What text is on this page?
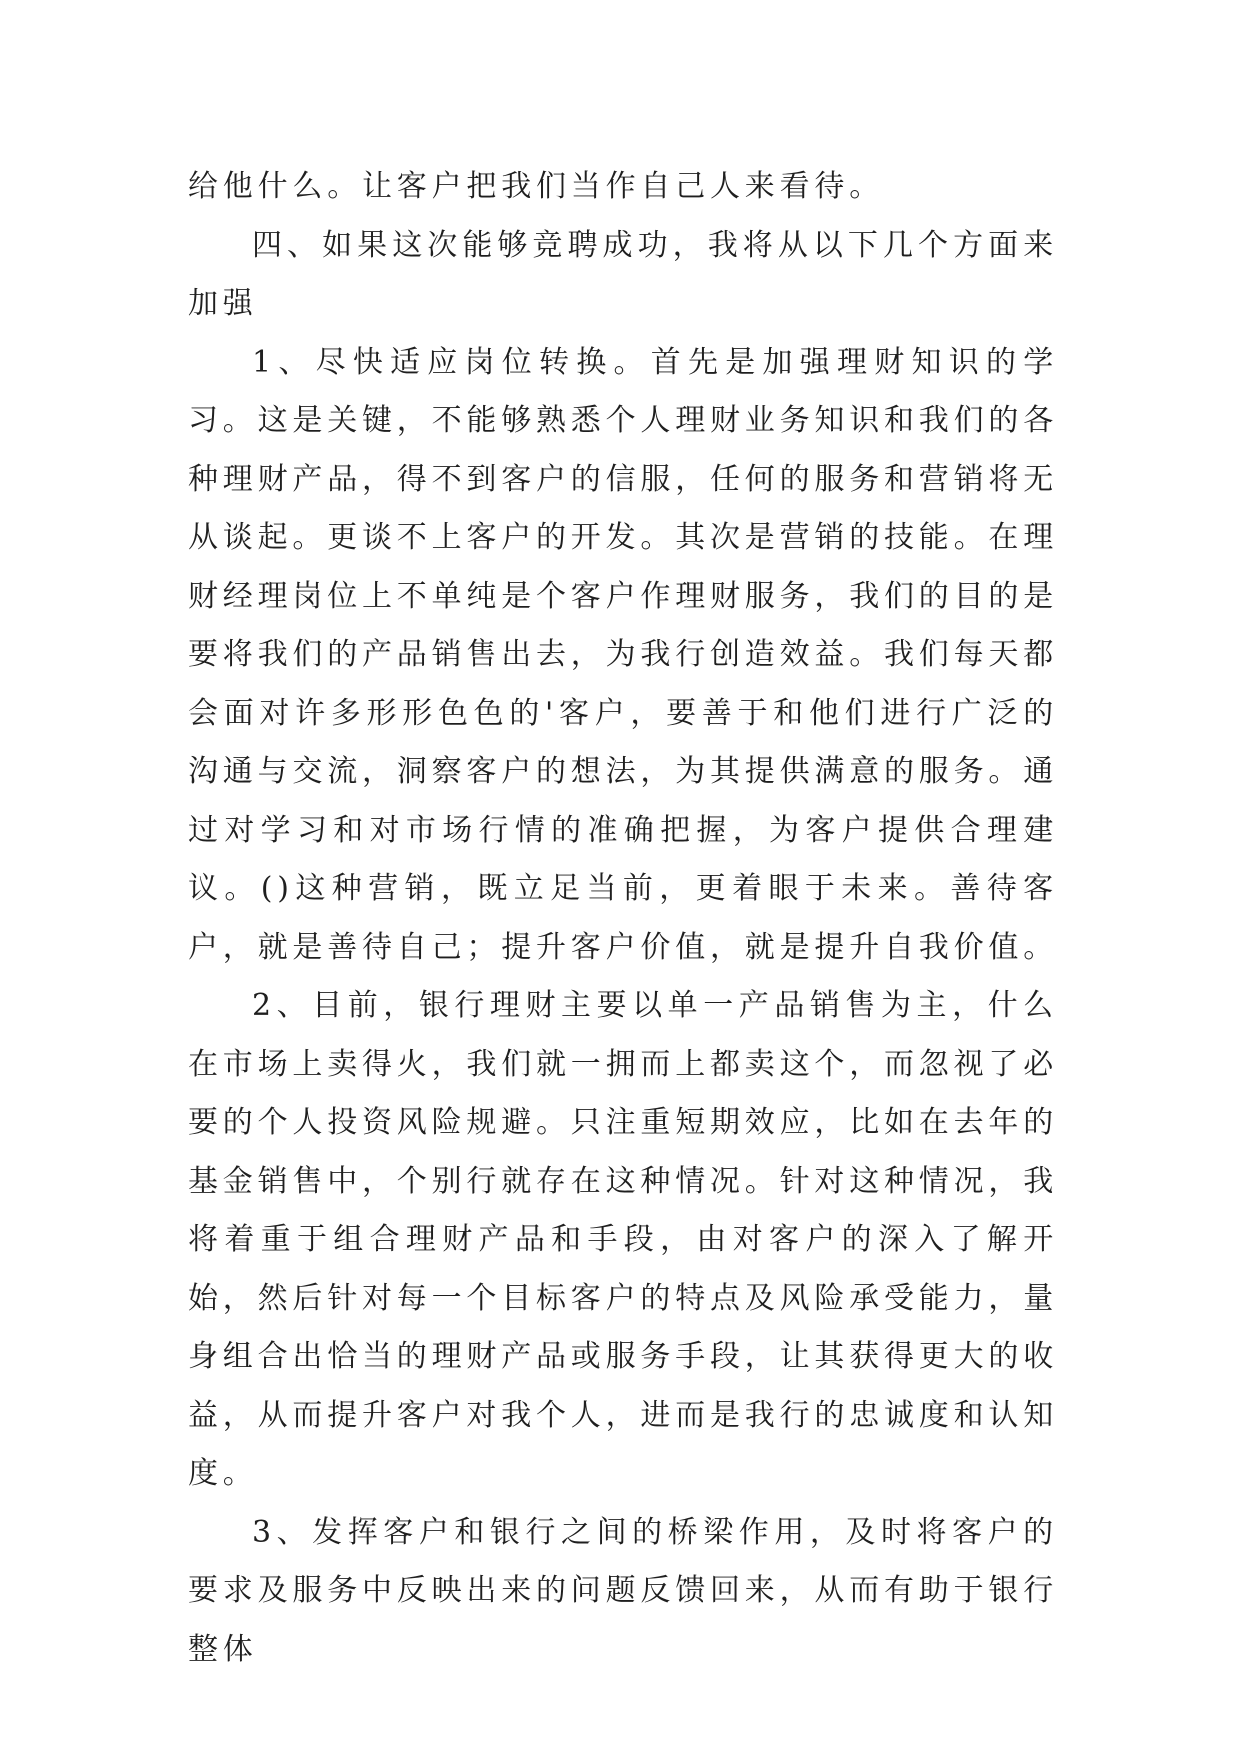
给他什么。让客户把我们当作自己人来看待。

四、如果这次能够竞聘成功，我将从以下几个方面来加强

1、尽快适应岗位转换。首先是加强理财知识的学习。这是关键，不能够熟悉个人理财业务知识和我们的各种理财产品，得不到客户的信服，任何的服务和营销将无从谈起。更谈不上客户的开发。其次是营销的技能。在理财经理岗位上不单纯是个客户作理财服务，我们的目的是要将我们的产品销售出去，为我行创造效益。我们每天都会面对许多形形色色的'客户，要善于和他们进行广泛的沟通与交流，洞察客户的想法，为其提供满意的服务。通过对学习和对市场行情的准确把握，为客户提供合理建议。()这种营销，既立足当前，更着眼于未来。善待客户，就是善待自己；提升客户价值，就是提升自我价值。

2、目前，银行理财主要以单一产品销售为主，什么在市场上卖得火，我们就一拥而上都卖这个，而忽视了必要的个人投资风险规避。只注重短期效应，比如在去年的基金销售中，个别行就存在这种情况。针对这种情况，我将着重于组合理财产品和手段，由对客户的深入了解开始，然后针对每一个目标客户的特点及风险承受能力，量身组合出恰当的理财产品或服务手段，让其获得更大的收益，从而提升客户对我个人，进而是我行的忠诚度和认知度。

3、发挥客户和银行之间的桥梁作用，及时将客户的要求及服务中反映出来的问题反馈回来，从而有助于银行整体
